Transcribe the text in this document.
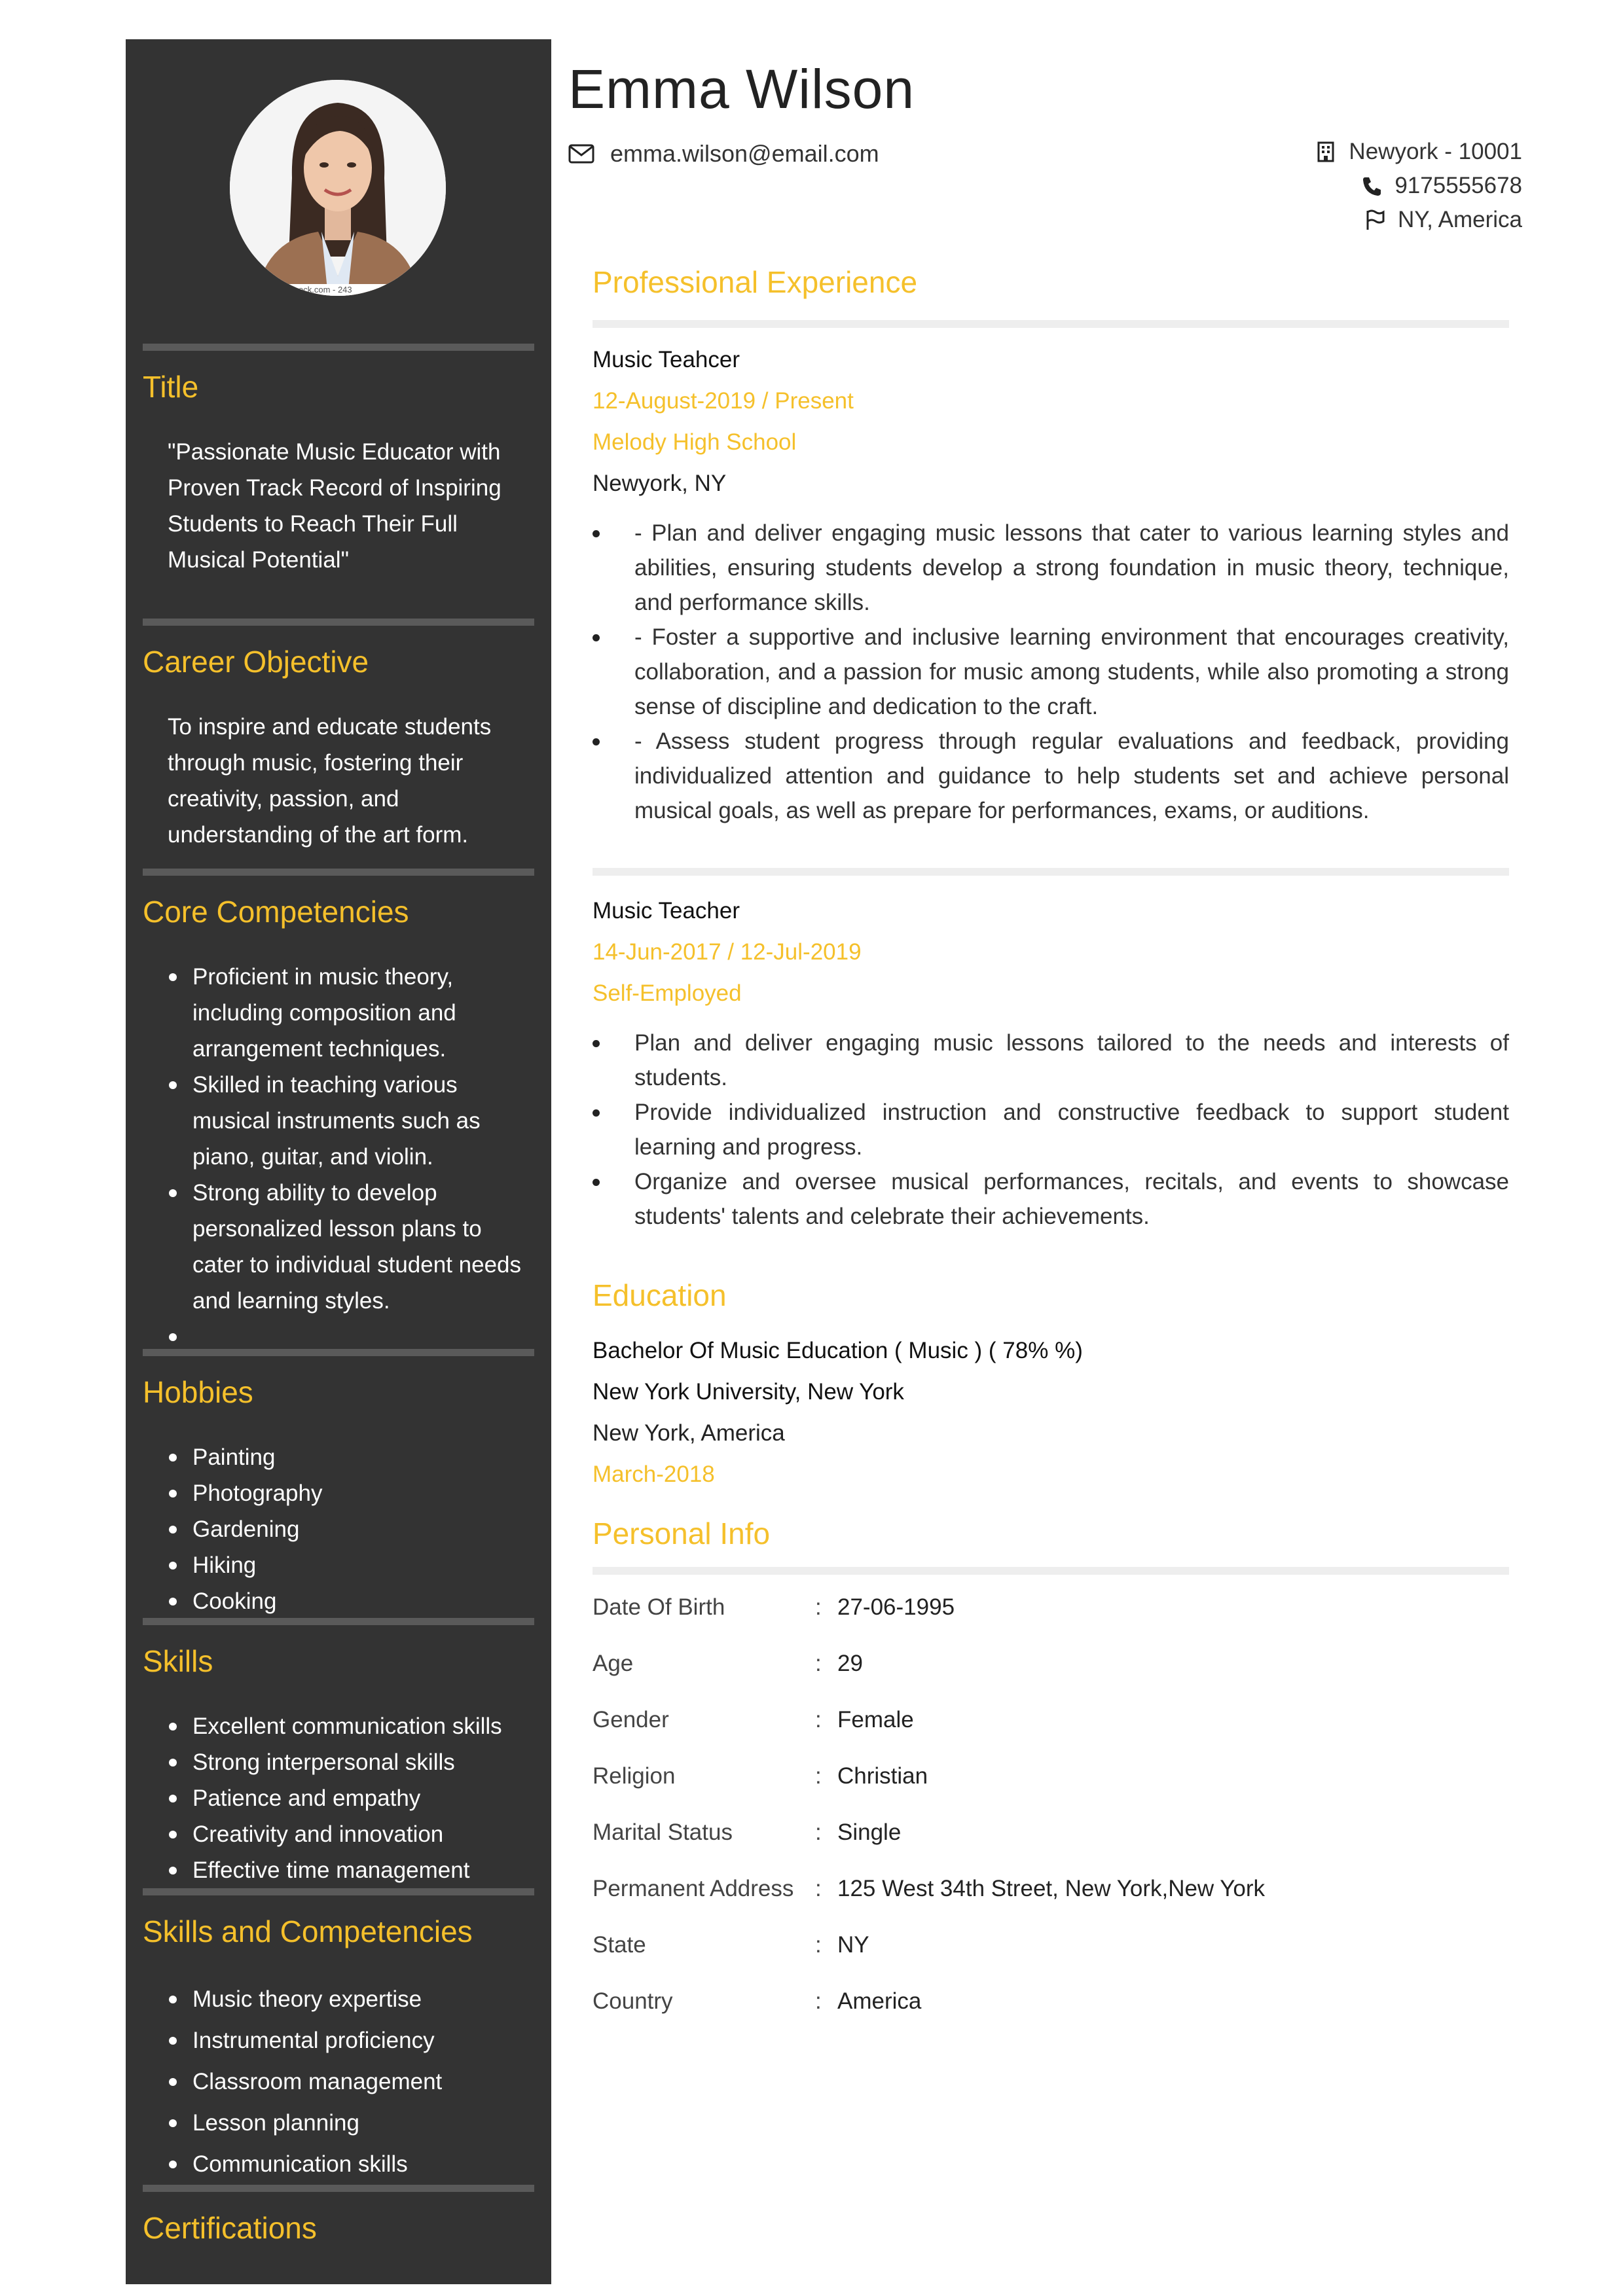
ock.com - 243
Title

"Passionate Music Educator with Proven Track Record of Inspiring Students to Reach Their Full Musical Potential"

Career Objective

To inspire and educate students through music, fostering their creativity, passion, and understanding of the art form.

Core Competencies
Proficient in music theory, including composition and arrangement techniques.
Skilled in teaching various musical instruments such as piano, guitar, and violin.
Strong ability to develop personalized lesson plans to cater to individual student needs and learning styles.

Hobbies
Painting
Photography
Gardening
Hiking
Cooking
Skills
Excellent communication skills
Strong interpersonal skills
Patience and empathy
Creativity and innovation
Effective time management
Skills and Competencies
Music theory expertise
Instrumental proficiency
Classroom management
Lesson planning
Communication skills
Certifications
Emma Wilson
emma.wilson@email.com	Newyork - 10001
9175555678
NY, America
Professional Experience
Music Teahcer
12-August-2019 / Present
Melody High School
Newyork, NY
- Plan and deliver engaging music lessons that cater to various learning styles and abilities, ensuring students develop a strong foundation in music theory, technique, and performance skills.
- Foster a supportive and inclusive learning environment that encourages creativity, collaboration, and a passion for music among students, while also promoting a strong sense of discipline and dedication to the craft.
- Assess student progress through regular evaluations and feedback, providing individualized attention and guidance to help students set and achieve personal musical goals, as well as prepare for performances, exams, or auditions.
Music Teacher
14-Jun-2017 / 12-Jul-2019
Self-Employed
Plan and deliver engaging music lessons tailored to the needs and interests of students.
Provide individualized instruction and constructive feedback to support student learning and progress.
Organize and oversee musical performances, recitals, and events to showcase students' talents and celebrate their achievements.
Education
Bachelor Of Music Education ( Music ) ( 78% %)
New York University, New York
New York, America
March-2018
Personal Info
Date Of Birth	: 27-06-1995
Age	: 29
Gender	: Female
Religion	: Christian
Marital Status	: Single
Permanent Address : 125 West 34th Street, New York,New York
State	: NY
Country	: America
